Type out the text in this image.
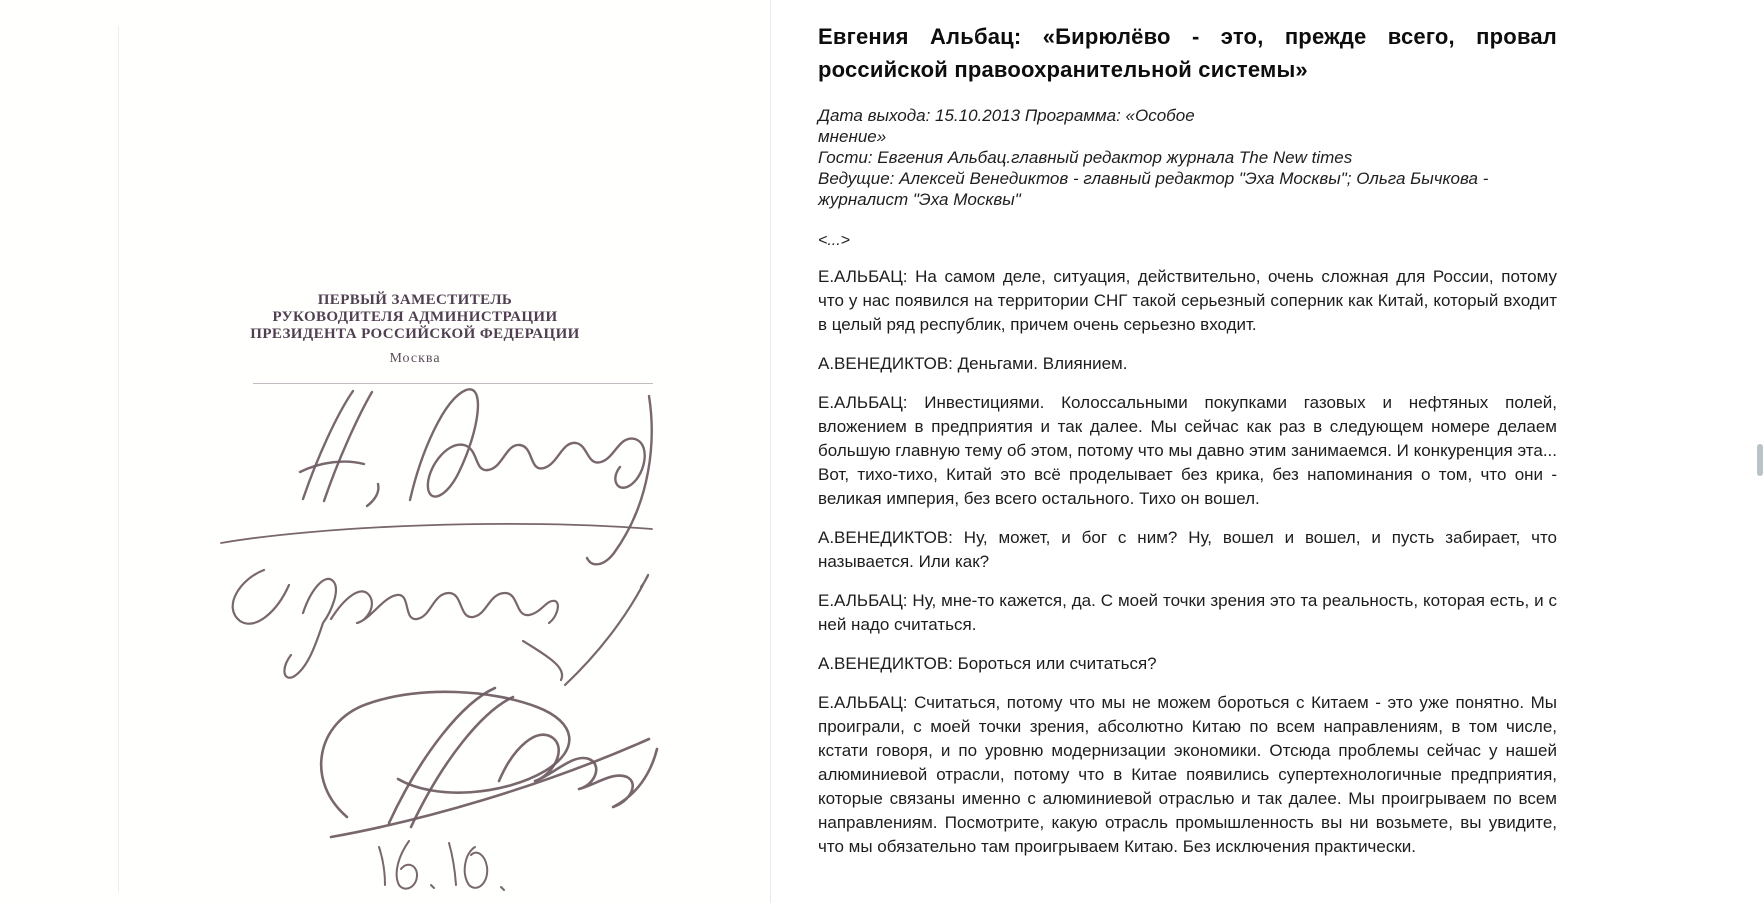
ПЕРВЫЙ ЗАМЕСТИТЕЛЬ
РУКОВОДИТЕЛЯ АДМИНИСТРАЦИИ
ПРЕЗИДЕНТА РОССИЙСКОЙ ФЕДЕРАЦИИ
Москва
Евгения Альбац: «Бирюлёво - это, прежде всего, провал
российской правоохранительной системы»
Дата выхода: 15.10.2013 Программа: «Особое
мнение»
Гости: Евгения Альбац.главный редактор журнала The New times
Ведущие: Алексей Венедиктов - главный редактор "Эха Москвы"; Ольга Бычкова -
журналист "Эха Москвы"
<...>

Е.АЛЬБАЦ: На самом деле, ситуация, действительно, очень сложная для России, потому что у нас появился на территории СНГ такой серьезный соперник как Китай, который входит в целый ряд республик, причем очень серьезно входит.

А.ВЕНЕДИКТОВ: Деньгами. Влиянием.

Е.АЛЬБАЦ: Инвестициями. Колоссальными покупками газовых и нефтяных полей, вложением в предприятия и так далее. Мы сейчас как раз в следующем номере делаем большую главную тему об этом, потому что мы давно этим занимаемся. И конкуренция эта... Вот, тихо-тихо, Китай это всё проделывает без крика, без напоминания о том, что они - великая империя, без всего остального. Тихо он вошел.

А.ВЕНЕДИКТОВ: Ну, может, и бог с ним? Ну, вошел и вошел, и пусть забирает, что называется. Или как?

Е.АЛЬБАЦ: Ну, мне-то кажется, да. С моей точки зрения это та реальность, которая есть, и с ней надо считаться.

А.ВЕНЕДИКТОВ: Бороться или считаться?

Е.АЛЬБАЦ: Считаться, потому что мы не можем бороться с Китаем - это уже понятно. Мы проиграли, с моей точки зрения, абсолютно Китаю по всем направлениям, в том числе, кстати говоря, и по уровню модернизации экономики. Отсюда проблемы сейчас у нашей алюминиевой отрасли, потому что в Китае появились супертехнологичные предприятия, которые связаны именно с алюминиевой отраслью и так далее. Мы проигрываем по всем направлениям. Посмотрите, какую отрасль промышленность вы ни возьмете, вы увидите, что мы обязательно там проигрываем Китаю. Без исключения практически.
